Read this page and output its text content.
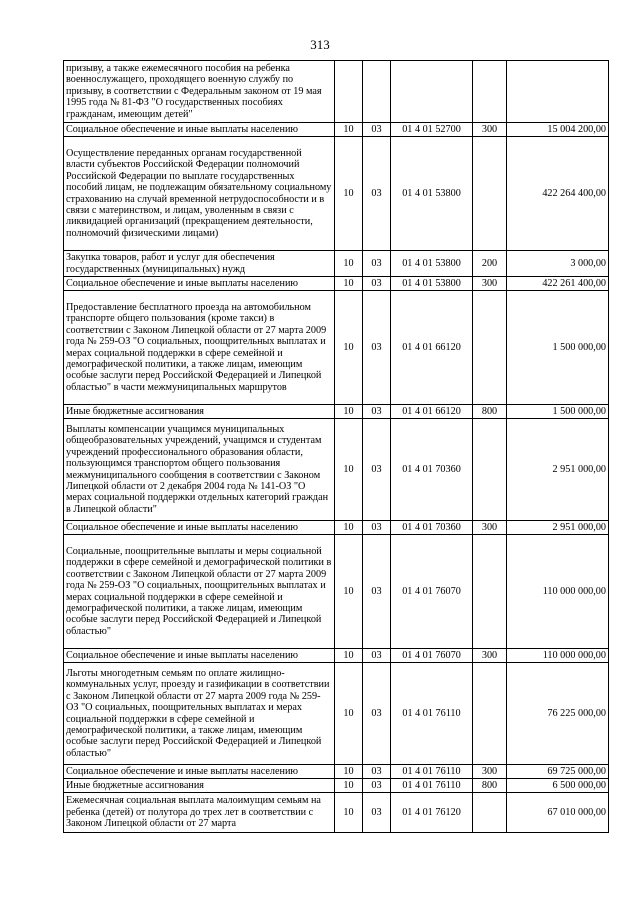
313
призыву, а также ежемесячного пособия на ребенка военнослужащего, проходящего военную службу по призыву, в соответствии с Федеральным законом от 19 мая 1995 года № 81-ФЗ "О государственных пособиях гражданам, имеющим детей"					
Социальное обеспечение и иные выплаты населению	10	03	01 4 01 52700	300	15 004 200,00
Осуществление переданных органам государственной власти субъектов Российской Федерации полномочий Российской Федерации по выплате государственных пособий лицам, не подлежащим обязательному социальному страхованию на случай временной нетрудоспособности и в связи с материнством, и лицам, уволенным в связи с ликвидацией организаций (прекращением деятельности, полномочий физическими лицами)	10	03	01 4 01 53800		422 264 400,00
Закупка товаров, работ и услуг для обеспечения государственных (муниципальных) нужд	10	03	01 4 01 53800	200	3 000,00
Социальное обеспечение и иные выплаты населению	10	03	01 4 01 53800	300	422 261 400,00
Предоставление бесплатного проезда на автомобильном транспорте общего пользования (кроме такси) в соответствии с Законом Липецкой области от 27 марта 2009 года № 259-ОЗ "О социальных, поощрительных выплатах и мерах социальной поддержки в сфере семейной и демографической политики, а также лицам, имеющим особые заслуги перед Российской Федерацией и Липецкой областью" в части межмуниципальных маршрутов	10	03	01 4 01 66120		1 500 000,00
Иные бюджетные ассигнования	10	03	01 4 01 66120	800	1 500 000,00
Выплаты компенсации учащимся муниципальных общеобразовательных учреждений, учащимся и студентам учреждений профессионального образования области, пользующимся транспортом общего пользования межмуниципального сообщения в соответствии с Законом Липецкой области от 2 декабря 2004 года № 141-ОЗ "О мерах социальной поддержки отдельных категорий граждан в Липецкой области"	10	03	01 4 01 70360		2 951 000,00
Социальное обеспечение и иные выплаты населению	10	03	01 4 01 70360	300	2 951 000,00
Социальные, поощрительные выплаты и меры социальной поддержки в сфере семейной и демографической политики в соответствии с Законом Липецкой области от 27 марта 2009 года № 259-ОЗ "О социальных, поощрительных выплатах и мерах социальной поддержки в сфере семейной и демографической политики, а также лицам, имеющим особые заслуги перед Российской Федерацией и Липецкой областью"	10	03	01 4 01 76070		110 000 000,00
Социальное обеспечение и иные выплаты населению	10	03	01 4 01 76070	300	110 000 000,00
Льготы многодетным семьям по оплате жилищно-коммунальных услуг, проезду и газификации в соответствии с Законом Липецкой области от 27 марта 2009 года № 259-ОЗ "О социальных, поощрительных выплатах и мерах социальной поддержки в сфере семейной и демографической политики, а также лицам, имеющим особые заслуги перед Российской Федерацией и Липецкой областью"	10	03	01 4 01 76110		76 225 000,00
Социальное обеспечение и иные выплаты населению	10	03	01 4 01 76110	300	69 725 000,00
Иные бюджетные ассигнования	10	03	01 4 01 76110	800	6 500 000,00
Ежемесячная социальная выплата малоимущим семьям на ребенка (детей) от полутора до трех лет в соответствии с Законом Липецкой области от 27 марта	10	03	01 4 01 76120		67 010 000,00
